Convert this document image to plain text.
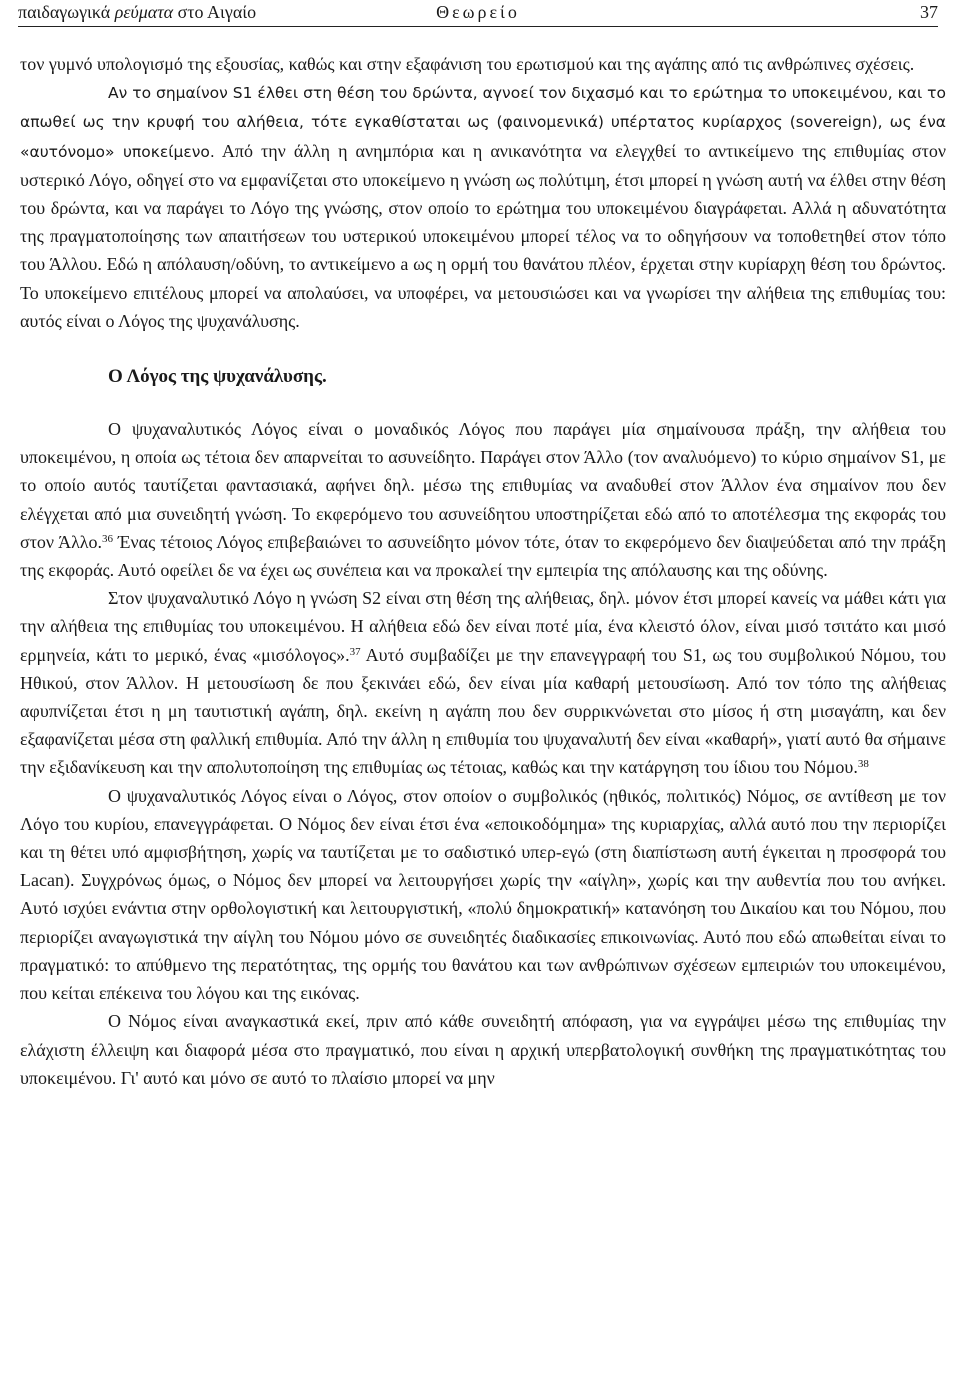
παιδαγωγικά ρεύματα στο Αιγαίο	Θεωρείο	37

τον γυμνό υπολογισμό της εξουσίας, καθώς και στην εξαφάνιση του ερωτισμού και της αγάπης από τις ανθρώπινες σχέσεις.

Αν το σημαίνον S1 έλθει στη θέση του δρώντα, αγνοεί τον διχασμό και το ερώτημα το υποκειμένου, και το απωθεί ως την κρυφή του αλήθεια, τότε εγκαθίσταται ως (φαινομενικά) υπέρτατος κυρίαρχος (sovereign), ως ένα «αυτόνομο» υποκείμενο. Από την άλλη η ανημπόρια και η ανικανότητα να ελεγχθεί το αντικείμενο της επιθυμίας στον υστερικό Λόγο, οδηγεί στο να εμφανίζεται στο υποκείμενο η γνώση ως πολύτιμη, έτσι μπορεί η γνώση αυτή να έλθει στην θέση του δρώντα, και να παράγει το Λόγο της γνώσης, στον οποίο το ερώτημα του υποκειμένου διαγράφεται. Αλλά η αδυνατότητα της πραγματοποίησης των απαιτήσεων του υστερικού υποκειμένου μπορεί τέλος να το οδηγήσουν να τοποθετηθεί στον τόπο του Άλλου. Εδώ η απόλαυση/οδύνη, το αντικείμενο a ως η ορμή του θανάτου πλέον, έρχεται στην κυρίαρχη θέση του δρώντος. Το υποκείμενο επιτέλους μπορεί να απολαύσει, να υποφέρει, να μετουσιώσει και να γνωρίσει την αλήθεια της επιθυμίας του: αυτός είναι ο Λόγος της ψυχανάλυσης.

Ο Λόγος της ψυχανάλυσης.

Ο ψυχαναλυτικός Λόγος είναι ο μοναδικός Λόγος που παράγει μία σημαίνουσα πράξη, την αλήθεια του υποκειμένου, η οποία ως τέτοια δεν απαρνείται το ασυνείδητο. Παράγει στον Άλλο (τον αναλυόμενο) το κύριο σημαίνον S1, με το οποίο αυτός ταυτίζεται φαντασιακά, αφήνει δηλ. μέσω της επιθυμίας να αναδυθεί στον Άλλον ένα σημαίνον που δεν ελέγχεται από μια συνειδητή γνώση. Το εκφερόμενο του ασυνείδητου υποστηρίζεται εδώ από το αποτέλεσμα της εκφοράς του στον Άλλο.$^{36}$ Ένας τέτοιος Λόγος επιβεβαιώνει το ασυνείδητο μόνον τότε, όταν το εκφερόμενο δεν διαψεύδεται από την πράξη της εκφοράς. Αυτό οφείλει δε να έχει ως συνέπεια και να προκαλεί την εμπειρία της απόλαυσης και της οδύνης.

Στον ψυχαναλυτικό Λόγο η γνώση S2 είναι στη θέση της αλήθειας, δηλ. μόνον έτσι μπορεί κανείς να μάθει κάτι για την αλήθεια της επιθυμίας του υποκειμένου. Η αλήθεια εδώ δεν είναι ποτέ μία, ένα κλειστό όλον, είναι μισό τσιτάτο και μισό ερμηνεία, κάτι το μερικό, ένας «μισόλογος».$^{37}$ Αυτό συμβαδίζει με την επανεγγραφή του S1, ως του συμβολικού Νόμου, του Ηθικού, στον Άλλον. Η μετουσίωση δε που ξεκινάει εδώ, δεν είναι μία καθαρή μετουσίωση. Από τον τόπο της αλήθειας αφυπνίζεται έτσι η μη ταυτιστική αγάπη, δηλ. εκείνη η αγάπη που δεν συρρικνώνεται στο μίσος ή στη μισαγάπη, και δεν εξαφανίζεται μέσα στη φαλλική επιθυμία. Από την άλλη η επιθυμία του ψυχαναλυτή δεν είναι «καθαρή», γιατί αυτό θα σήμαινε την εξιδανίκευση και την απολυτοποίηση της επιθυμίας ως τέτοιας, καθώς και την κατάργηση του ίδιου του Νόμου.$^{38}$

Ο ψυχαναλυτικός Λόγος είναι ο Λόγος, στον οποίον ο συμβολικός (ηθικός, πολιτικός) Νόμος, σε αντίθεση με τον Λόγο του κυρίου, επανεγγράφεται. Ο Νόμος δεν είναι έτσι ένα «εποικοδόμημα» της κυριαρχίας, αλλά αυτό που την περιορίζει και τη θέτει υπό αμφισβήτηση, χωρίς να ταυτίζεται με το σαδιστικό υπερ-εγώ (στη διαπίστωση αυτή έγκειται η προσφορά του Lacan). Συγχρόνως όμως, ο Νόμος δεν μπορεί να λειτουργήσει χωρίς την «αίγλη», χωρίς και την αυθεντία που του ανήκει. Αυτό ισχύει ενάντια στην ορθολογιστική και λειτουργιστική, «πολύ δημοκρατική» κατανόηση του Δικαίου και του Νόμου, που περιορίζει αναγωγιστικά την αίγλη του Νόμου μόνο σε συνειδητές διαδικασίες επικοινωνίας. Αυτό που εδώ απωθείται είναι το πραγματικό: το απύθμενο της περατότητας, της ορμής του θανάτου και των ανθρώπινων σχέσεων εμπειριών του υποκειμένου, που κείται επέκεινα του λόγου και της εικόνας.

Ο Νόμος είναι αναγκαστικά εκεί, πριν από κάθε συνειδητή απόφαση, για να εγγράψει μέσω της επιθυμίας την ελάχιστη έλλειψη και διαφορά μέσα στο πραγματικό, που είναι η αρχική υπερβατολογική συνθήκη της πραγματικότητας του υποκειμένου. Γι' αυτό και μόνο σε αυτό το πλαίσιο μπορεί να μην
